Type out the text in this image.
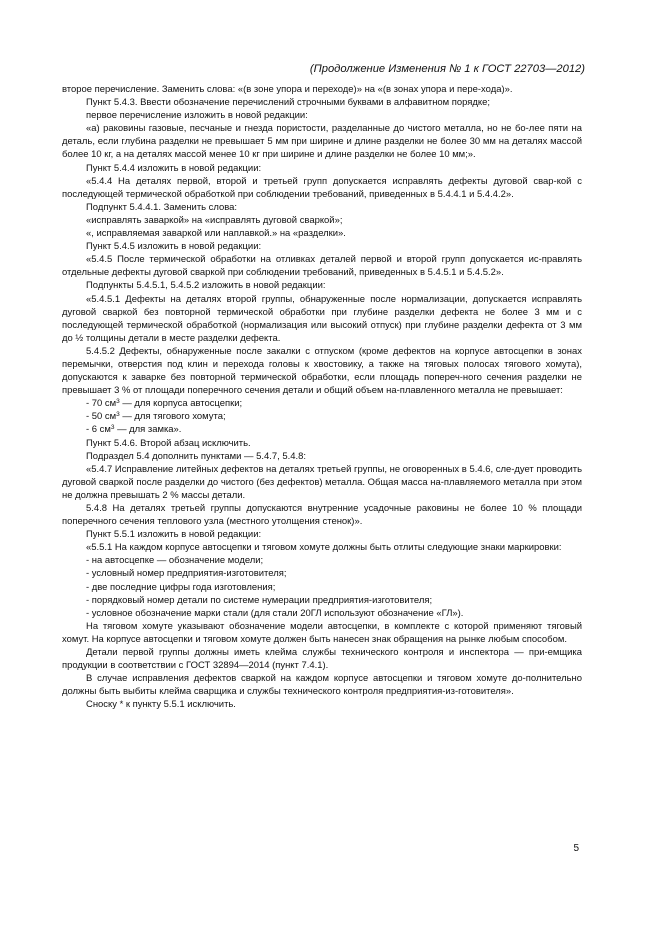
(Продолжение Изменения № 1 к ГОСТ 22703—2012)

второе перечисление. Заменить слова: «(в зоне упора и переходе)» на «(в зонах упора и пере-хода)».

Пункт 5.4.3. Ввести обозначение перечислений строчными буквами в алфавитном порядке;

первое перечисление изложить в новой редакции:

«а) раковины газовые, песчаные и гнезда пористости, разделанные до чистого металла, но не бо-лее пяти на деталь, если глубина разделки не превышает 5 мм при ширине и длине разделки не более 30 мм на деталях массой более 10 кг, а на деталях массой менее 10 кг при ширине и длине разделки не более 10 мм;».

Пункт 5.4.4 изложить в новой редакции:

«5.4.4 На деталях первой, второй и третьей групп допускается исправлять дефекты дуговой свар-кой с последующей термической обработкой при соблюдении требований, приведенных в 5.4.4.1 и 5.4.4.2».

Подпункт 5.4.4.1. Заменить слова:

«исправлять заваркой» на «исправлять дуговой сваркой»;

«, исправляемая заваркой или наплавкой.» на «разделки».

Пункт 5.4.5 изложить в новой редакции:

«5.4.5 После термической обработки на отливках деталей первой и второй групп допускается ис-правлять отдельные дефекты дуговой сваркой при соблюдении требований, приведенных в 5.4.5.1 и 5.4.5.2».

Подпункты 5.4.5.1, 5.4.5.2 изложить в новой редакции:

«5.4.5.1 Дефекты на деталях второй группы, обнаруженные после нормализации, допускается исправлять дуговой сваркой без повторной термической обработки при глубине разделки дефекта не более 3 мм и с последующей термической обработкой (нормализация или высокий отпуск) при глубине разделки дефекта от 3 мм до ½ толщины детали в месте разделки дефекта.

5.4.5.2 Дефекты, обнаруженные после закалки с отпуском (кроме дефектов на корпусе автосцепки в зонах перемычки, отверстия под клин и перехода головы к хвостовику, а также на тяговых полосах тягового хомута), допускаются к заварке без повторной термической обработки, если площадь попереч-ного сечения разделки не превышает 3 % от площади поперечного сечения детали и общий объем на-плавленного металла не превышает:

- 70 $см^3$ — для корпуса автосцепки;

- 50 $см^3$ — для тягового хомута;

- 6 $см^3$ — для замка».

Пункт 5.4.6. Второй абзац исключить.

Подраздел 5.4 дополнить пунктами — 5.4.7, 5.4.8:

«5.4.7 Исправление литейных дефектов на деталях третьей группы, не оговоренных в 5.4.6, сле-дует проводить дуговой сваркой после разделки до чистого (без дефектов) металла. Общая масса на-плавляемого металла при этом не должна превышать 2 % массы детали.

5.4.8 На деталях третьей группы допускаются внутренние усадочные раковины не более 10 % площади поперечного сечения теплового узла (местного утолщения стенок)».

Пункт 5.5.1 изложить в новой редакции:

«5.5.1 На каждом корпусе автосцепки и тяговом хомуте должны быть отлиты следующие знаки маркировки:

- на автосцепке — обозначение модели;

- условный номер предприятия-изготовителя;

- две последние цифры года изготовления;

- порядковый номер детали по системе нумерации предприятия-изготовителя;

- условное обозначение марки стали (для стали 20ГЛ используют обозначение «ГЛ»).

На тяговом хомуте указывают обозначение модели автосцепки, в комплекте с которой применяют тяговый хомут. На корпусе автосцепки и тяговом хомуте должен быть нанесен знак обращения на рынке любым способом.

Детали первой группы должны иметь клейма службы технического контроля и инспектора — при-емщика продукции в соответствии с ГОСТ 32894—2014 (пункт 7.4.1).

В случае исправления дефектов сваркой на каждом корпусе автосцепки и тяговом хомуте до-полнительно должны быть выбиты клейма сварщика и службы технического контроля предприятия-из-готовителя».

Сноску * к пункту 5.5.1 исключить.

5
